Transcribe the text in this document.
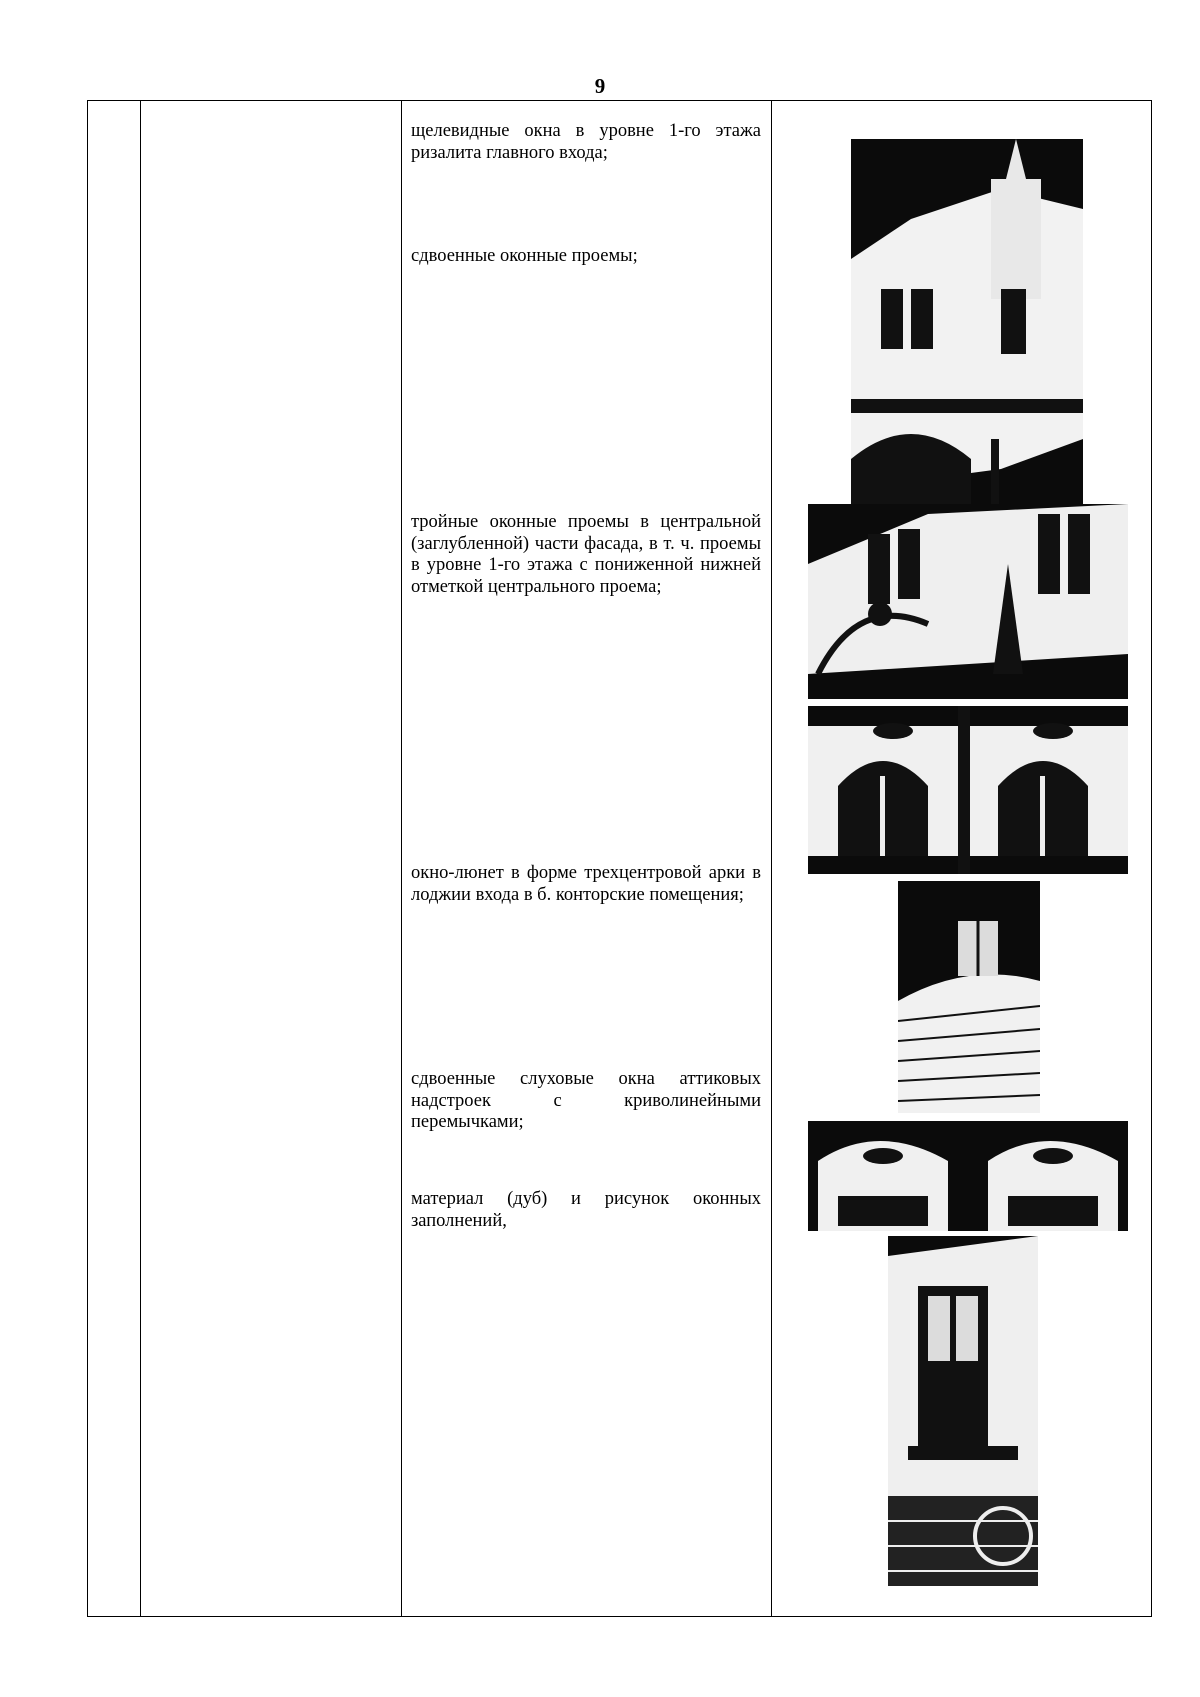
9
щелевидные окна в уровне 1-го этажа ризалита главного входа;
сдвоенные оконные проемы;
тройные оконные проемы в центральной (заглубленной) части фасада, в т. ч. проемы в уровне 1-го этажа с пониженной нижней отметкой центрального проема;
окно-люнет в форме трехцентровой арки в лоджии входа в б. конторские помещения;
сдвоенные слуховые окна аттиковых надстроек с криволинейными перемычками;
материал (дуб) и рисунок оконных заполнений,
